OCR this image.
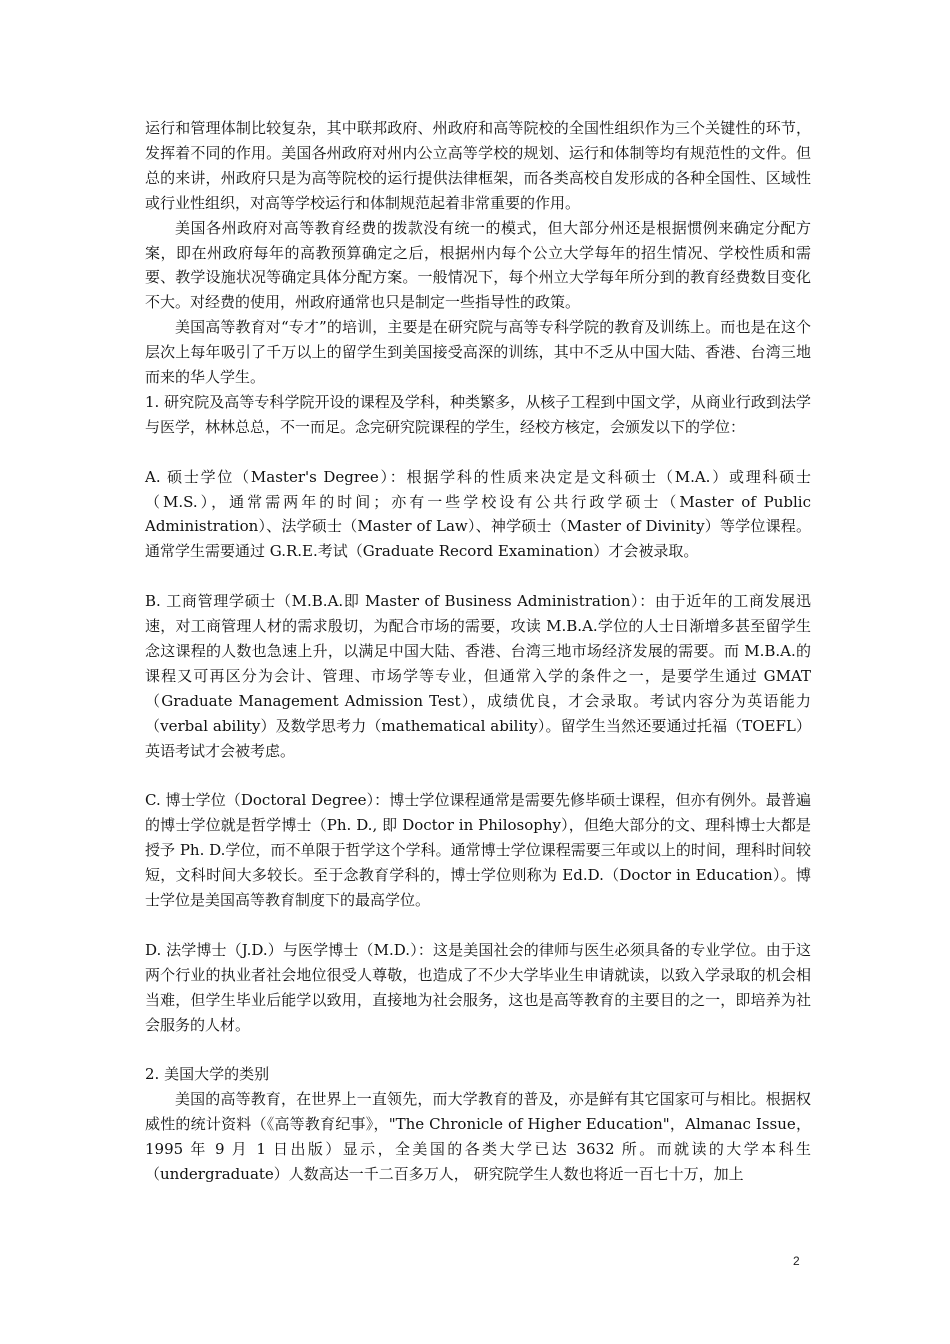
运行和管理体制比较复杂，其中联邦政府、州政府和高等院校的全国性组织作为三个关键性的环节，发挥着不同的作用。美国各州政府对州内公立高等学校的规划、运行和体制等均有规范性的文件。但总的来讲，州政府只是为高等院校的运行提供法律框架，而各类高校自发形成的各种全国性、区域性或行业性组织，对高等学校运行和体制规范起着非常重要的作用。

美国各州政府对高等教育经费的拨款没有统一的模式，但大部分州还是根据惯例来确定分配方案，即在州政府每年的高教预算确定之后，根据州内每个公立大学每年的招生情况、学校性质和需要、教学设施状况等确定具体分配方案。一般情况下，每个州立大学每年所分到的教育经费数目变化不大。对经费的使用，州政府通常也只是制定一些指导性的政策。

美国高等教育对“专才”的培训，主要是在研究院与高等专科学院的教育及训练上。而也是在这个层次上每年吸引了千万以上的留学生到美国接受高深的训练，其中不乏从中国大陆、香港、台湾三地而来的华人学生。

1. 研究院及高等专科学院开设的课程及学科，种类繁多，从核子工程到中国文学，从商业行政到法学与医学，林林总总，不一而足。念完研究院课程的学生，经校方核定，会颁发以下的学位：

A. 硕士学位（Master's Degree）：根据学科的性质来决定是文科硕士（M.A.）或理科硕士（M.S.），通常需两年的时间；亦有一些学校设有公共行政学硕士（Master of Public Administration）、法学硕士（Master of Law）、神学硕士（Master of Divinity）等学位课程。通常学生需要通过 G.R.E.考试（Graduate Record Examination）才会被录取。

B. 工商管理学硕士（M.B.A.即 Master of Business Administration）：由于近年的工商发展迅速，对工商管理人材的需求殷切，为配合市场的需要，攻读 M.B.A.学位的人士日渐增多甚至留学生念这课程的人数也急速上升，以满足中国大陆、香港、台湾三地市场经济发展的需要。而 M.B.A.的课程又可再区分为会计、管理、市场学等专业，但通常入学的条件之一，是要学生通过 GMAT（Graduate Management Admission Test），成绩优良，才会录取。考试内容分为英语能力（verbal ability）及数学思考力（mathematical ability）。留学生当然还要通过托福（TOEFL）英语考试才会被考虑。

C. 博士学位（Doctoral Degree）：博士学位课程通常是需要先修毕硕士课程，但亦有例外。最普遍的博士学位就是哲学博士（Ph. D., 即 Doctor in Philosophy），但绝大部分的文、理科博士大都是授予 Ph. D.学位，而不单限于哲学这个学科。通常博士学位课程需要三年或以上的时间，理科时间较短，文科时间大多较长。至于念教育学科的，博士学位则称为 Ed.D.（Doctor in Education）。博士学位是美国高等教育制度下的最高学位。

D. 法学博士（J.D.）与医学博士（M.D.）：这是美国社会的律师与医生必须具备的专业学位。由于这两个行业的执业者社会地位很受人尊敬，也造成了不少大学毕业生申请就读，以致入学录取的机会相当难，但学生毕业后能学以致用，直接地为社会服务，这也是高等教育的主要目的之一，即培养为社会服务的人材。

2. 美国大学的类别

美国的高等教育，在世界上一直领先，而大学教育的普及，亦是鲜有其它国家可与相比。根据权威性的统计资料（《高等教育纪事》，"The Chronicle of Higher Education"，Almanac Issue，1995 年 9 月 1 日出版）显示，全美国的各类大学已达 3632 所。而就读的大学本科生（undergraduate）人数高达一千二百多万人， 研究院学生人数也将近一百七十万，加上

2
